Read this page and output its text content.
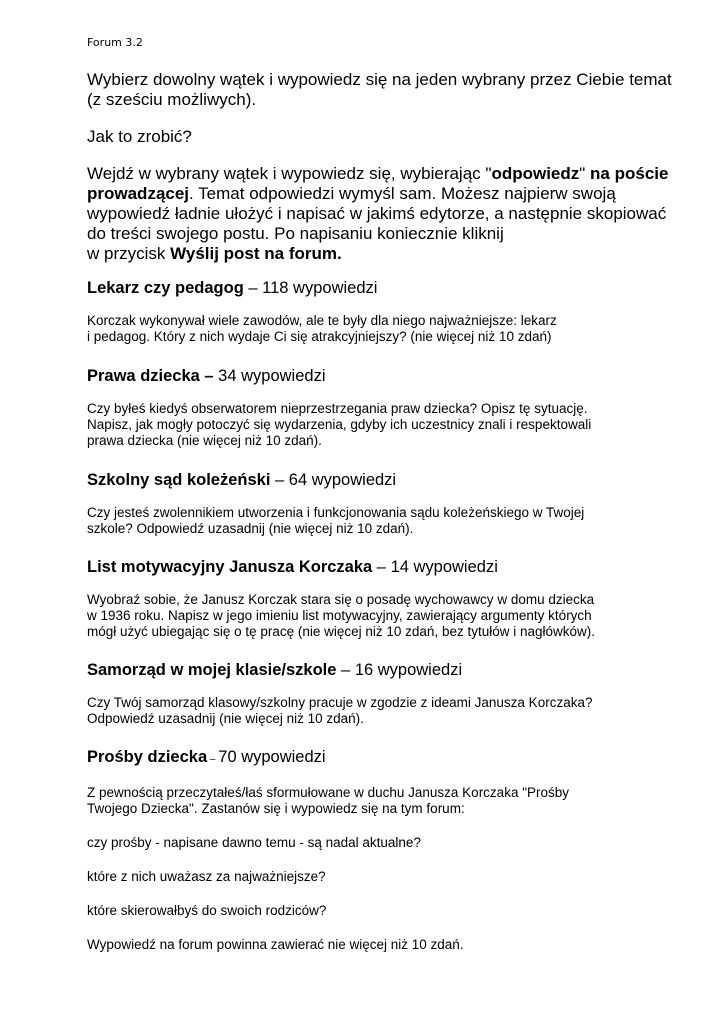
Forum 3.2

Wybierz dowolny wątek i wypowiedz się na jeden wybrany przez Ciebie temat (z sześciu możliwych).

Jak to zrobić?

Wejdź w wybrany wątek i wypowiedz się, wybierając "odpowiedz" na poście prowadzącej. Temat odpowiedzi wymyśl sam. Możesz najpierw swoją wypowiedź ładnie ułożyć i napisać w jakimś edytorze, a następnie skopiować do treści swojego postu. Po napisaniu koniecznie kliknij
w przycisk Wyślij post na forum.

Lekarz czy pedagog – 118 wypowiedzi

Korczak wykonywał wiele zawodów, ale te były dla niego najważniejsze: lekarz
i pedagog. Który z nich wydaje Ci się atrakcyjniejszy? (nie więcej niż 10 zdań)

Prawa dziecka – 34 wypowiedzi

Czy byłeś kiedyś obserwatorem nieprzestrzegania praw dziecka? Opisz tę sytuację.
Napisz, jak mogły potoczyć się wydarzenia, gdyby ich uczestnicy znali i respektowali
prawa dziecka (nie więcej niż 10 zdań).

Szkolny sąd koleżeński – 64 wypowiedzi

Czy jesteś zwolennikiem utworzenia i funkcjonowania sądu koleżeńskiego w Twojej
szkole? Odpowiedź uzasadnij (nie więcej niż 10 zdań).

List motywacyjny Janusza Korczaka – 14 wypowiedzi

Wyobraź sobie, że Janusz Korczak stara się o posadę wychowawcy w domu dziecka
w 1936 roku. Napisz w jego imieniu list motywacyjny, zawierający argumenty których
mógł użyć ubiegając się o tę pracę (nie więcej niż 10 zdań, bez tytułów i nagłówków).

Samorząd w mojej klasie/szkole – 16 wypowiedzi

Czy Twój samorząd klasowy/szkolny pracuje w zgodzie z ideami Janusza Korczaka?
Odpowiedź uzasadnij (nie więcej niż 10 zdań).

Prośby dziecka – 70 wypowiedzi

Z pewnością przeczytałeś/łaś sformułowane w duchu Janusza Korczaka "Prośby
Twojego Dziecka". Zastanów się i wypowiedz się na tym forum:

czy prośby - napisane dawno temu - są nadal aktualne?

które z nich uważasz za najważniejsze?

które skierowałbyś do swoich rodziców?

Wypowiedź na forum powinna zawierać nie więcej niż 10 zdań.
